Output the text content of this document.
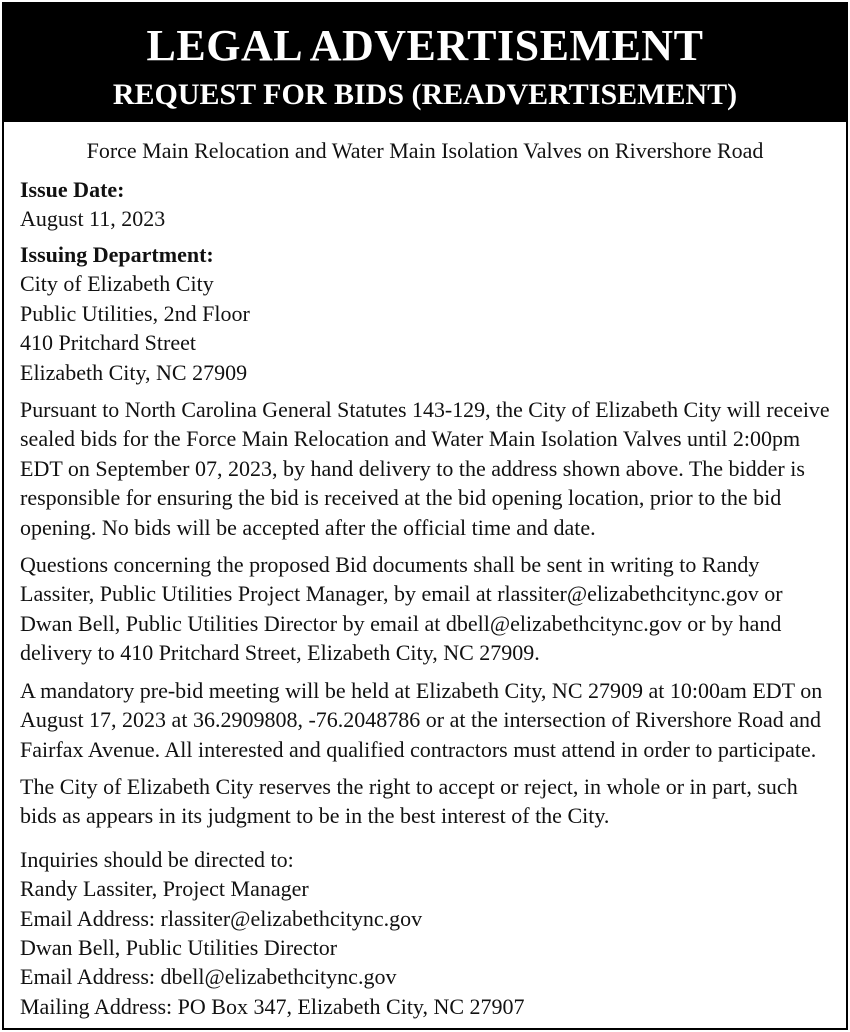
LEGAL ADVERTISEMENT
REQUEST FOR BIDS (READVERTISEMENT)
Force Main Relocation and Water Main Isolation Valves on Rivershore Road
Issue Date:
August 11, 2023
Issuing Department:
City of Elizabeth City
Public Utilities, 2nd Floor
410 Pritchard Street
Elizabeth City, NC 27909
Pursuant to North Carolina General Statutes 143-129, the City of Elizabeth City will receive
sealed bids for the Force Main Relocation and Water Main Isolation Valves until 2:00pm
EDT on September 07, 2023, by hand delivery to the address shown above. The bidder is
responsible for ensuring the bid is received at the bid opening location, prior to the bid
opening. No bids will be accepted after the official time and date.
Questions concerning the proposed Bid documents shall be sent in writing to Randy
Lassiter, Public Utilities Project Manager, by email at rlassiter@elizabethcitync.gov or
Dwan Bell, Public Utilities Director by email at dbell@elizabethcitync.gov or by hand
delivery to 410 Pritchard Street, Elizabeth City, NC 27909.
A mandatory pre-bid meeting will be held at Elizabeth City, NC 27909 at 10:00am EDT on
August 17, 2023 at 36.2909808, -76.2048786 or at the intersection of Rivershore Road and
Fairfax Avenue. All interested and qualified contractors must attend in order to participate.
The City of Elizabeth City reserves the right to accept or reject, in whole or in part, such
bids as appears in its judgment to be in the best interest of the City.
Inquiries should be directed to:
Randy Lassiter, Project Manager
Email Address: rlassiter@elizabethcitync.gov
Dwan Bell, Public Utilities Director
Email Address: dbell@elizabethcitync.gov
Mailing Address: PO Box 347, Elizabeth City, NC 27907
